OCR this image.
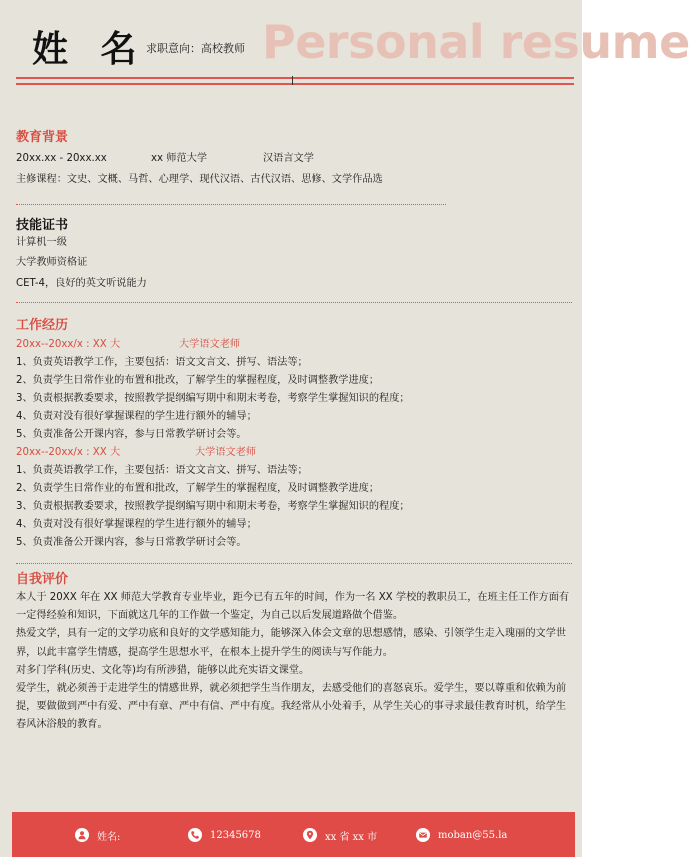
Personal resume
姓 名 求职意向：高校教师
教育背景
20xx.xx - 20xx.xx	xx 师范大学	汉语言文学
主修课程：文史、文概、马哲、心理学、现代汉语、古代汉语、思修、文学作品选
技能证书
计算机一级
大学教师资格证
CET-4，良好的英文听说能力
工作经历
20xx--20xx/x : XX 大	大学语文老师
1、负责英语教学工作，主要包括：语文文言文、拼写、语法等；
2、负责学生日常作业的布置和批改，了解学生的掌握程度，及时调整教学进度；
3、负责根据教委要求，按照教学提纲编写期中和期末考卷，考察学生掌握知识的程度；
4、负责对没有很好掌握课程的学生进行额外的辅导；
5、负责准备公开课内容，参与日常教学研讨会等。
20xx--20xx/x : XX 大	大学语文老师
1、负责英语教学工作，主要包括：语文文言文、拼写、语法等；
2、负责学生日常作业的布置和批改，了解学生的掌握程度，及时调整教学进度；
3、负责根据教委要求，按照教学提纲编写期中和期末考卷，考察学生掌握知识的程度；
4、负责对没有很好掌握课程的学生进行额外的辅导；
5、负责准备公开课内容，参与日常教学研讨会等。
自我评价
本人于 20XX 年在 XX 师范大学教育专业毕业，距今已有五年的时间，作为一名 XX 学校的教职员工，在班主任工作方面有一定得经验和知识，下面就这几年的工作做一个鉴定，为自己以后发展道路做个借鉴。
热爱文学，具有一定的文学功底和良好的文学感知能力，能够深入体会文章的思想感情，感染、引领学生走入瑰丽的文学世界，以此丰富学生情感，提高学生思想水平，在根本上提升学生的阅读与写作能力。
对多门学科(历史、文化等)均有所涉猎，能够以此充实语文课堂。
爱学生，就必须善于走进学生的情感世界，就必须把学生当作朋友，去感受他们的喜怒哀乐。爱学生，要以尊重和依赖为前提，要做做到严中有爱、严中有章、严中有信、严中有度。我经常从小处着手，从学生关心的事寻求最佳教育时机，给学生春风沐浴般的教育。
姓名:	12345678	xx 省 xx 市	moban@55.la
